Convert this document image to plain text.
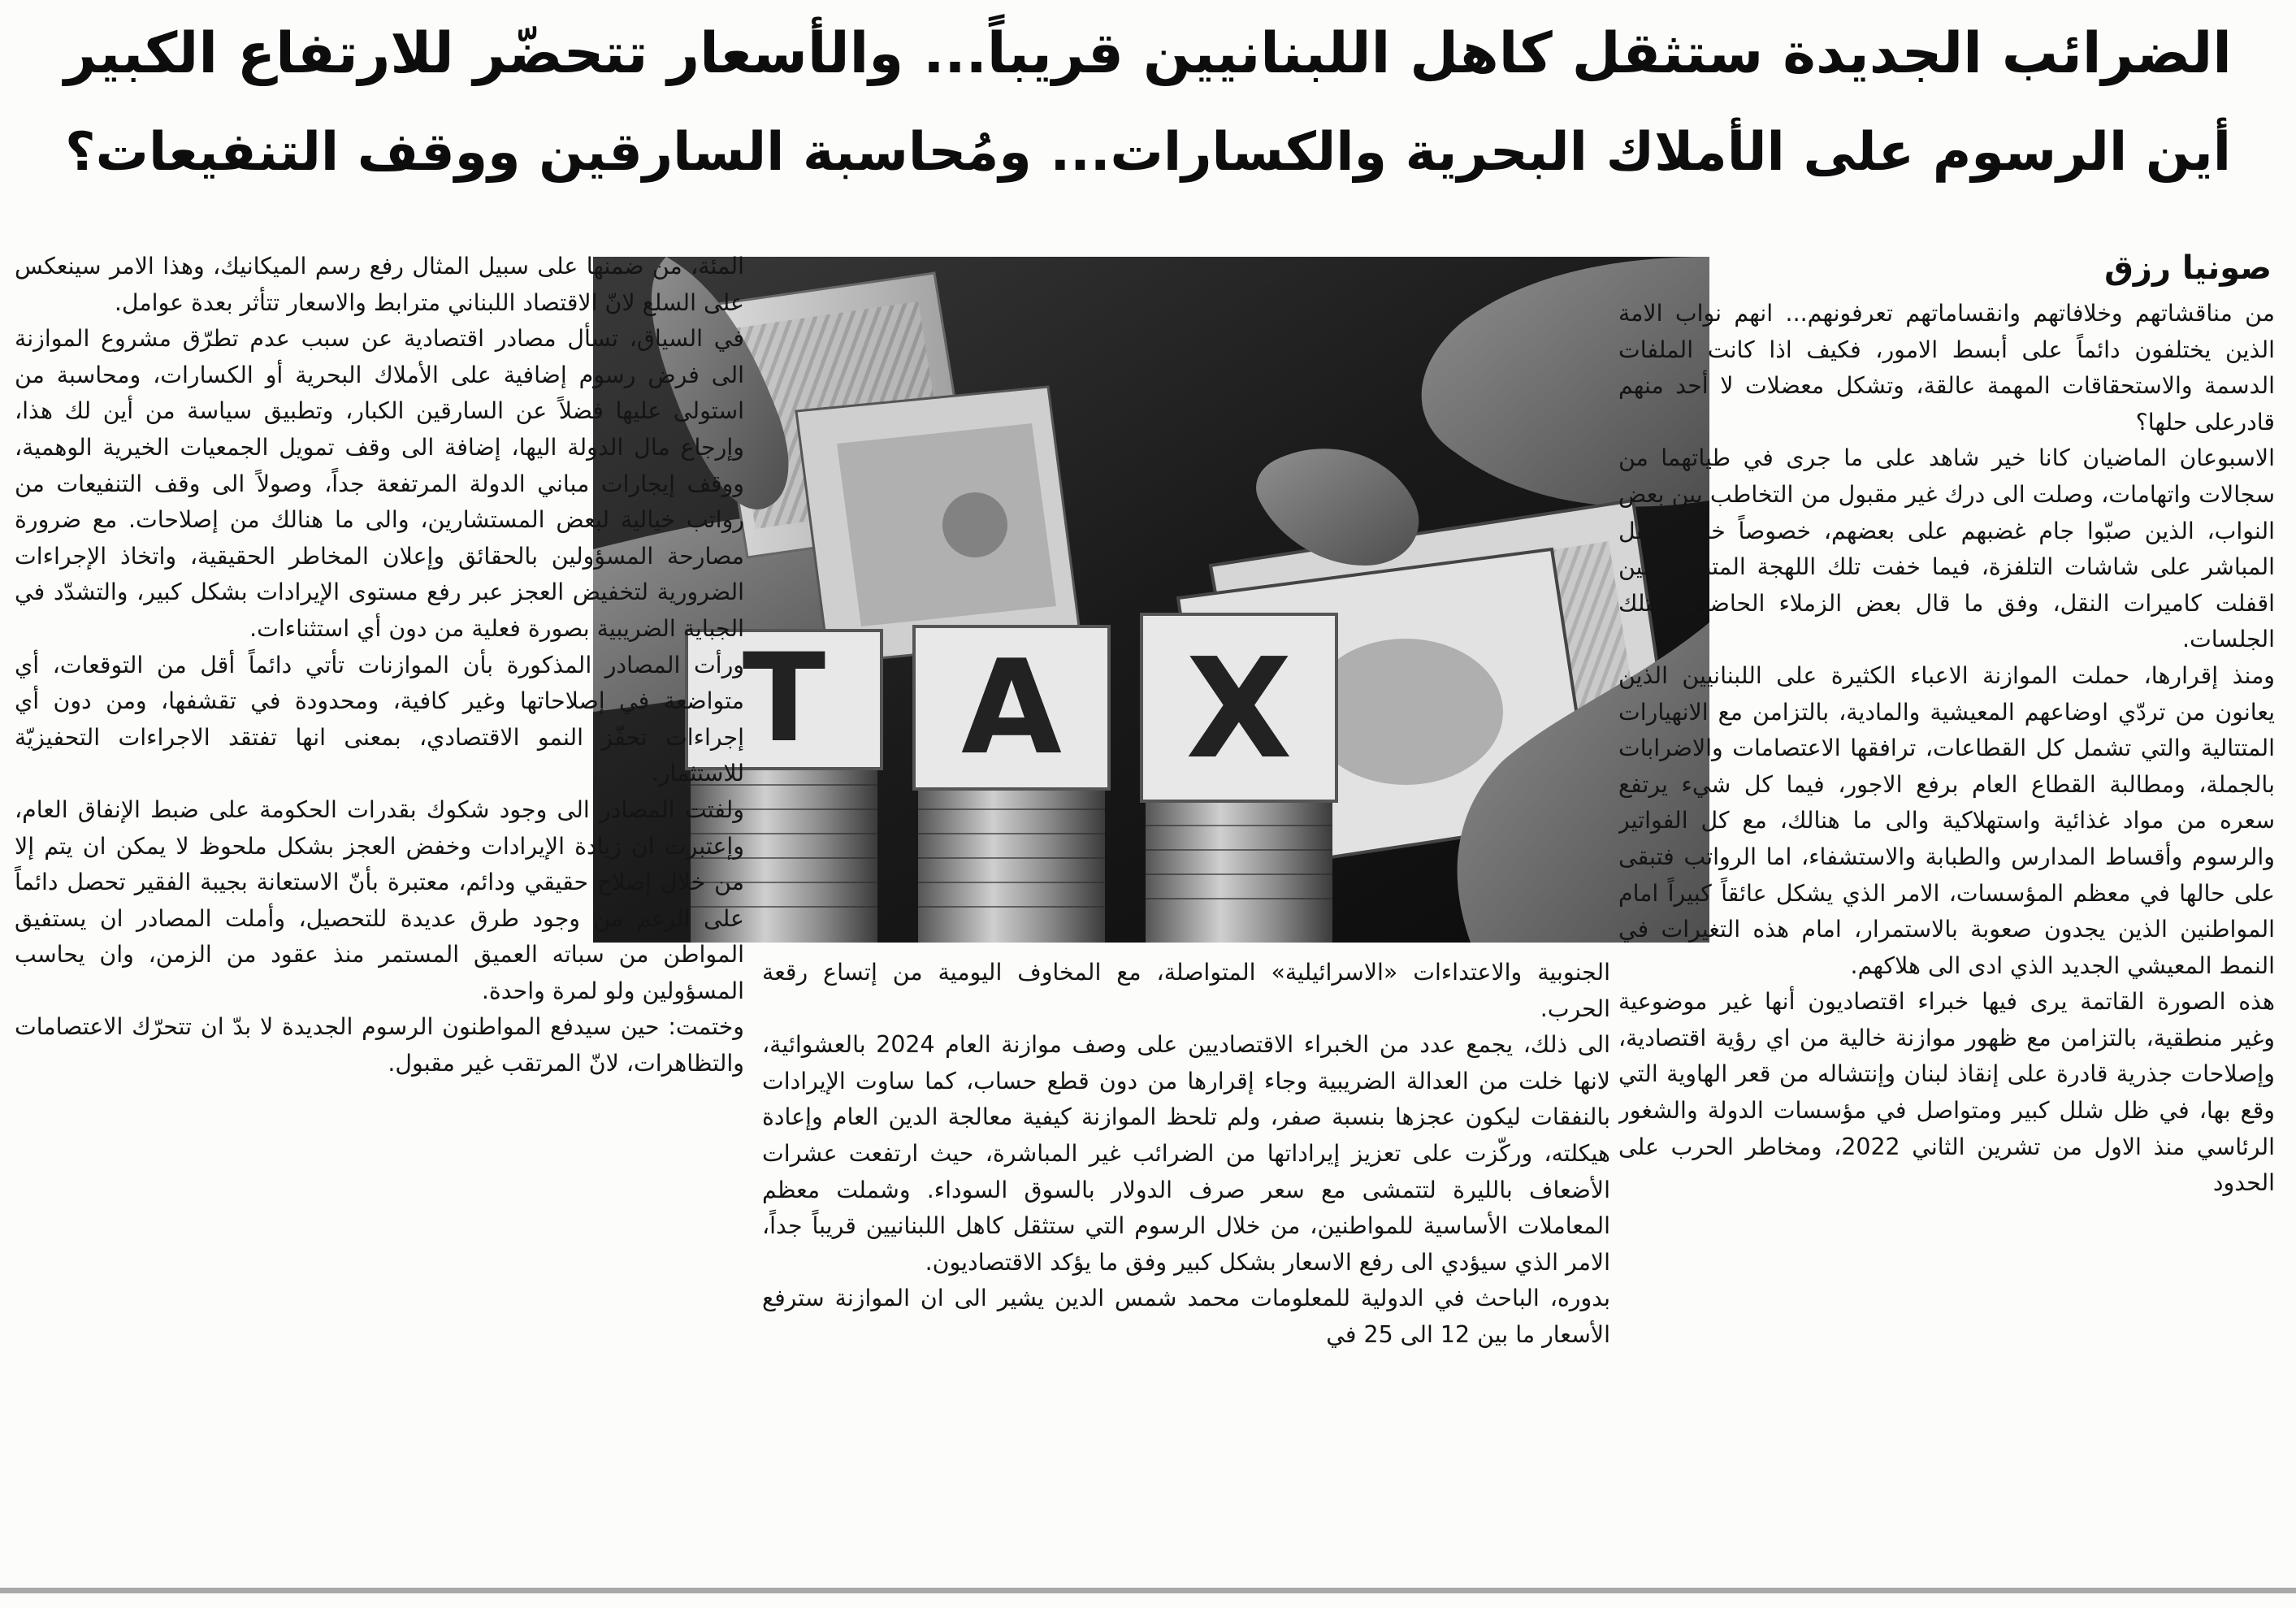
الضرائب الجديدة ستثقل كاهل اللبنانيين قريباً... والأسعار تتحضّر للارتفاع الكبير
أين الرسوم على الأملاك البحرية والكسارات... ومُحاسبة السارقين ووقف التنفيعات؟
صونيا رزق
T A X

من مناقشاتهم وخلافاتهم وانقساماتهم تعرفونهم... انهم نواب الامة الذين يختلفون دائماً على أبسط الامور، فكيف اذا كانت الملفات الدسمة والاستحقاقات المهمة عالقة، وتشكل معضلات لا أحد منهم قادرعلى حلها؟

الاسبوعان الماضيان كانا خير شاهد على ما جرى في طياتهما من سجالات واتهامات، وصلت الى درك غير مقبول من التخاطب بين بعض النواب، الذين صبّوا جام غضبهم على بعضهم، خصوصاً خلال النقل المباشر على شاشات التلفزة، فيما خفت تلك اللهجة المتبادلة حين اقفلت كاميرات النقل، وفق ما قال بعض الزملاء الحاضرين لتلك الجلسات.

ومنذ إقرارها، حملت الموازنة الاعباء الكثيرة على اللبنانيين الذين يعانون من تردّي اوضاعهم المعيشية والمادية، بالتزامن مع الانهيارات المتتالية والتي تشمل كل القطاعات، ترافقها الاعتصامات والاضرابات بالجملة، ومطالبة القطاع العام برفع الاجور، فيما كل شيء يرتفع سعره من مواد غذائية واستهلاكية والى ما هنالك، مع كل الفواتير والرسوم وأقساط المدارس والطبابة والاستشفاء، اما الرواتب فتبقى على حالها في معظم المؤسسات، الامر الذي يشكل عائقاً كبيراً امام المواطنين الذين يجدون صعوبة بالاستمرار، امام هذه التغيرات في النمط المعيشي الجديد الذي ادى الى هلاكهم.

هذه الصورة القاتمة يرى فيها خبراء اقتصاديون أنها غير موضوعية وغير منطقية، بالتزامن مع ظهور موازنة خالية من اي رؤية اقتصادية، وإصلاحات جذرية قادرة على إنقاذ لبنان وإنتشاله من قعر الهاوية التي وقع بها، في ظل شلل كبير ومتواصل في مؤسسات الدولة والشغور الرئاسي منذ الاول من تشرين الثاني 2022، ومخاطر الحرب على الحدود

الجنوبية والاعتداءات «الاسرائيلية» المتواصلة، مع المخاوف اليومية من إتساع رقعة الحرب.

الى ذلك، يجمع عدد من الخبراء الاقتصاديين على وصف موازنة العام 2024 بالعشوائية، لانها خلت من العدالة الضريبية وجاء إقرارها من دون قطع حساب، كما ساوت الإيرادات بالنفقات ليكون عجزها بنسبة صفر، ولم تلحظ الموازنة كيفية معالجة الدين العام وإعادة هيكلته، وركّزت على تعزيز إيراداتها من الضرائب غير المباشرة، حيث ارتفعت عشرات الأضعاف بالليرة لتتمشى مع سعر صرف الدولار بالسوق السوداء. وشملت معظم المعاملات الأساسية للمواطنين، من خلال الرسوم التي ستثقل كاهل اللبنانيين قريباً جداً، الامر الذي سيؤدي الى رفع الاسعار بشكل كبير وفق ما يؤكد الاقتصاديون.

بدوره، الباحث في الدولية للمعلومات محمد شمس الدين يشير الى ان الموازنة سترفع الأسعار ما بين 12 الى 25 في

المئة، من ضمنها على سبيل المثال رفع رسم الميكانيك، وهذا الامر سينعكس على السلع لانّ الاقتصاد اللبناني مترابط والاسعار تتأثر بعدة عوامل.

في السياق، تسأل مصادر اقتصادية عن سبب عدم تطرّق مشروع الموازنة الى فرض رسوم إضافية على الأملاك البحرية أو الكسارات، ومحاسبة من استولى عليها فضلاً عن السارقين الكبار، وتطبيق سياسة من أين لك هذا، وإرجاع مال الدولة اليها، إضافة الى وقف تمويل الجمعيات الخيرية الوهمية، ووقف إيجارات مباني الدولة المرتفعة جداً، وصولاً الى وقف التنفيعات من رواتب خيالية لبعض المستشارين، والى ما هنالك من إصلاحات. مع ضرورة مصارحة المسؤولين بالحقائق وإعلان المخاطر الحقيقية، واتخاذ الإجراءات الضرورية لتخفيض العجز عبر رفع مستوى الإيرادات بشكل كبير، والتشدّد في الجباية الضريبية بصورة فعلية من دون أي استثناءات.

ورأت المصادر المذكورة بأن الموازنات تأتي دائماً أقل من التوقعات، أي متواضعة في إصلاحاتها وغير كافية، ومحدودة في تقشفها، ومن دون أي إجراءات تحفّز النمو الاقتصادي، بمعنى انها تفتقد الاجراءات التحفيزيّة للاستثمار.

ولفتت المصادر الى وجود شكوك بقدرات الحكومة على ضبط الإنفاق العام، وإعتبرت ان زيادة الإيرادات وخفض العجز بشكل ملحوظ لا يمكن ان يتم إلا من خلال إصلاح حقيقي ودائم، معتبرة بأنّ الاستعانة بجيبة الفقير تحصل دائماً على الرغم من وجود طرق عديدة للتحصيل، وأملت المصادر ان يستفيق المواطن من سباته العميق المستمر منذ عقود من الزمن، وان يحاسب المسؤولين ولو لمرة واحدة.

وختمت: حين سيدفع المواطنون الرسوم الجديدة لا بدّ ان تتحرّك الاعتصامات والتظاهرات، لانّ المرتقب غير مقبول.
